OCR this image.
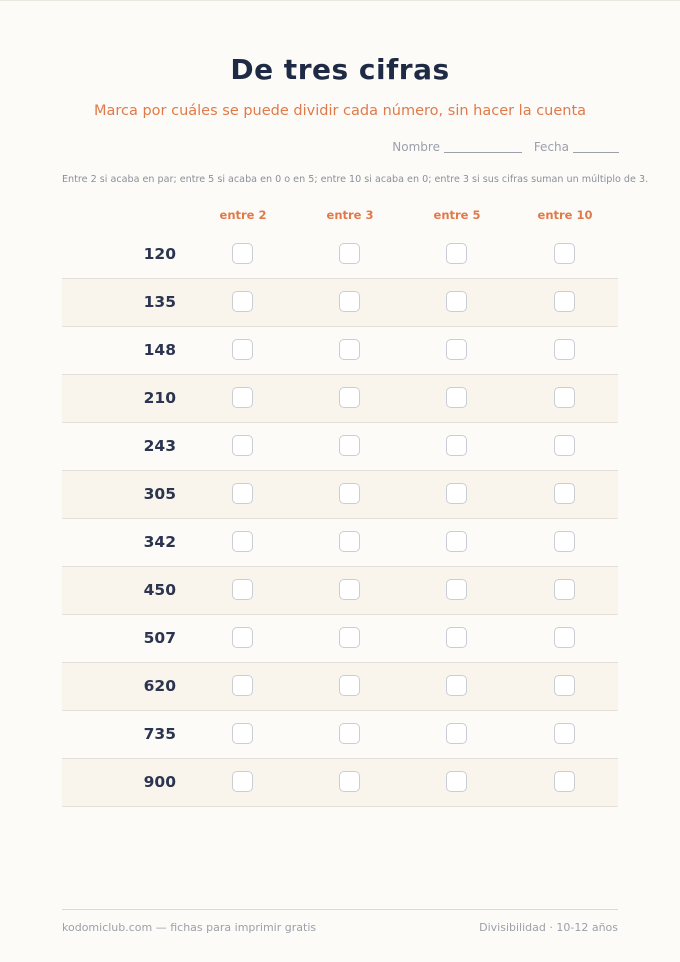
De tres cifras
Marca por cuáles se puede dividir cada número, sin hacer la cuenta
Nombre	Fecha
Entre 2 si acaba en par; entre 5 si acaba en 0 o en 5; entre 10 si acaba en 0; entre 3 si sus cifras suman un múltiplo de 3.
entre 2	entre 3	entre 5	entre 10
120
135
148
210
243
305
342
450
507
620
735
900
kodomiclub.com — fichas para imprimir gratis	Divisibilidad · 10-12 años
